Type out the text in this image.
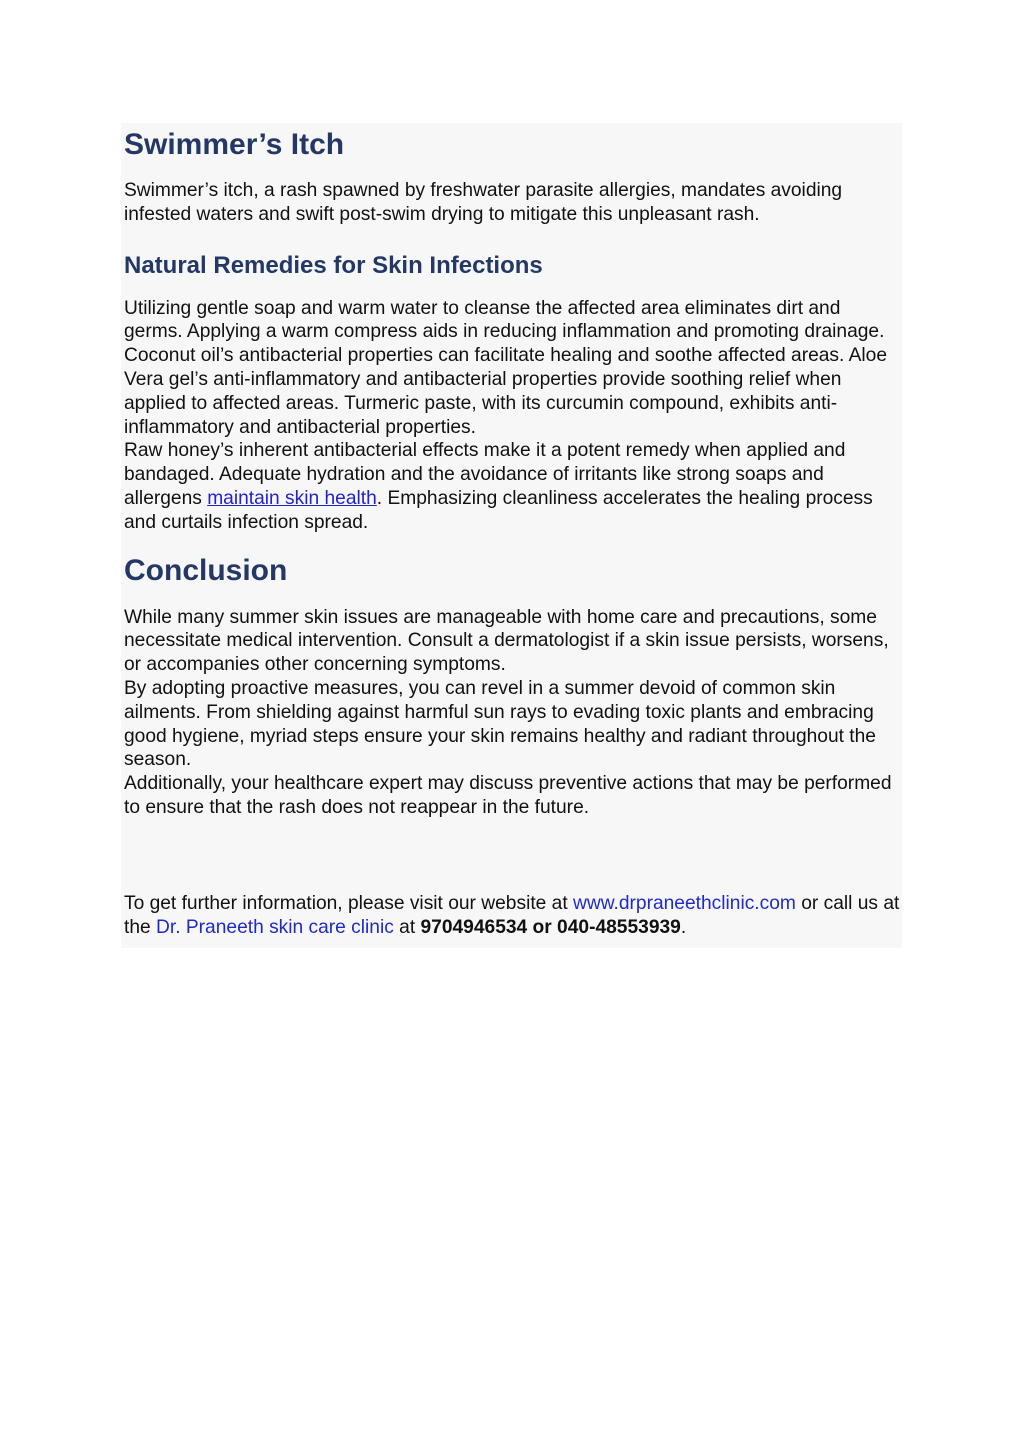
Swimmer’s Itch

Swimmer’s itch, a rash spawned by freshwater parasite allergies, mandates avoiding infested waters and swift post-swim drying to mitigate this unpleasant rash.

Natural Remedies for Skin Infections

Utilizing gentle soap and warm water to cleanse the affected area eliminates dirt and germs. Applying a warm compress aids in reducing inflammation and promoting drainage. Coconut oil’s antibacterial properties can facilitate healing and soothe affected areas. Aloe Vera gel’s anti-inflammatory and antibacterial properties provide soothing relief when applied to affected areas. Turmeric paste, with its curcumin compound, exhibits anti-inflammatory and antibacterial properties.

Raw honey’s inherent antibacterial effects make it a potent remedy when applied and bandaged. Adequate hydration and the avoidance of irritants like strong soaps and allergens maintain skin health. Emphasizing cleanliness accelerates the healing process and curtails infection spread.

Conclusion

While many summer skin issues are manageable with home care and precautions, some necessitate medical intervention. Consult a dermatologist if a skin issue persists, worsens, or accompanies other concerning symptoms.

By adopting proactive measures, you can revel in a summer devoid of common skin ailments. From shielding against harmful sun rays to evading toxic plants and embracing good hygiene, myriad steps ensure your skin remains healthy and radiant throughout the season.

Additionally, your healthcare expert may discuss preventive actions that may be performed to ensure that the rash does not reappear in the future.

To get further information, please visit our website at www.drpraneethclinic.com or call us at the Dr. Praneeth skin care clinic at 9704946534 or 040-48553939.
